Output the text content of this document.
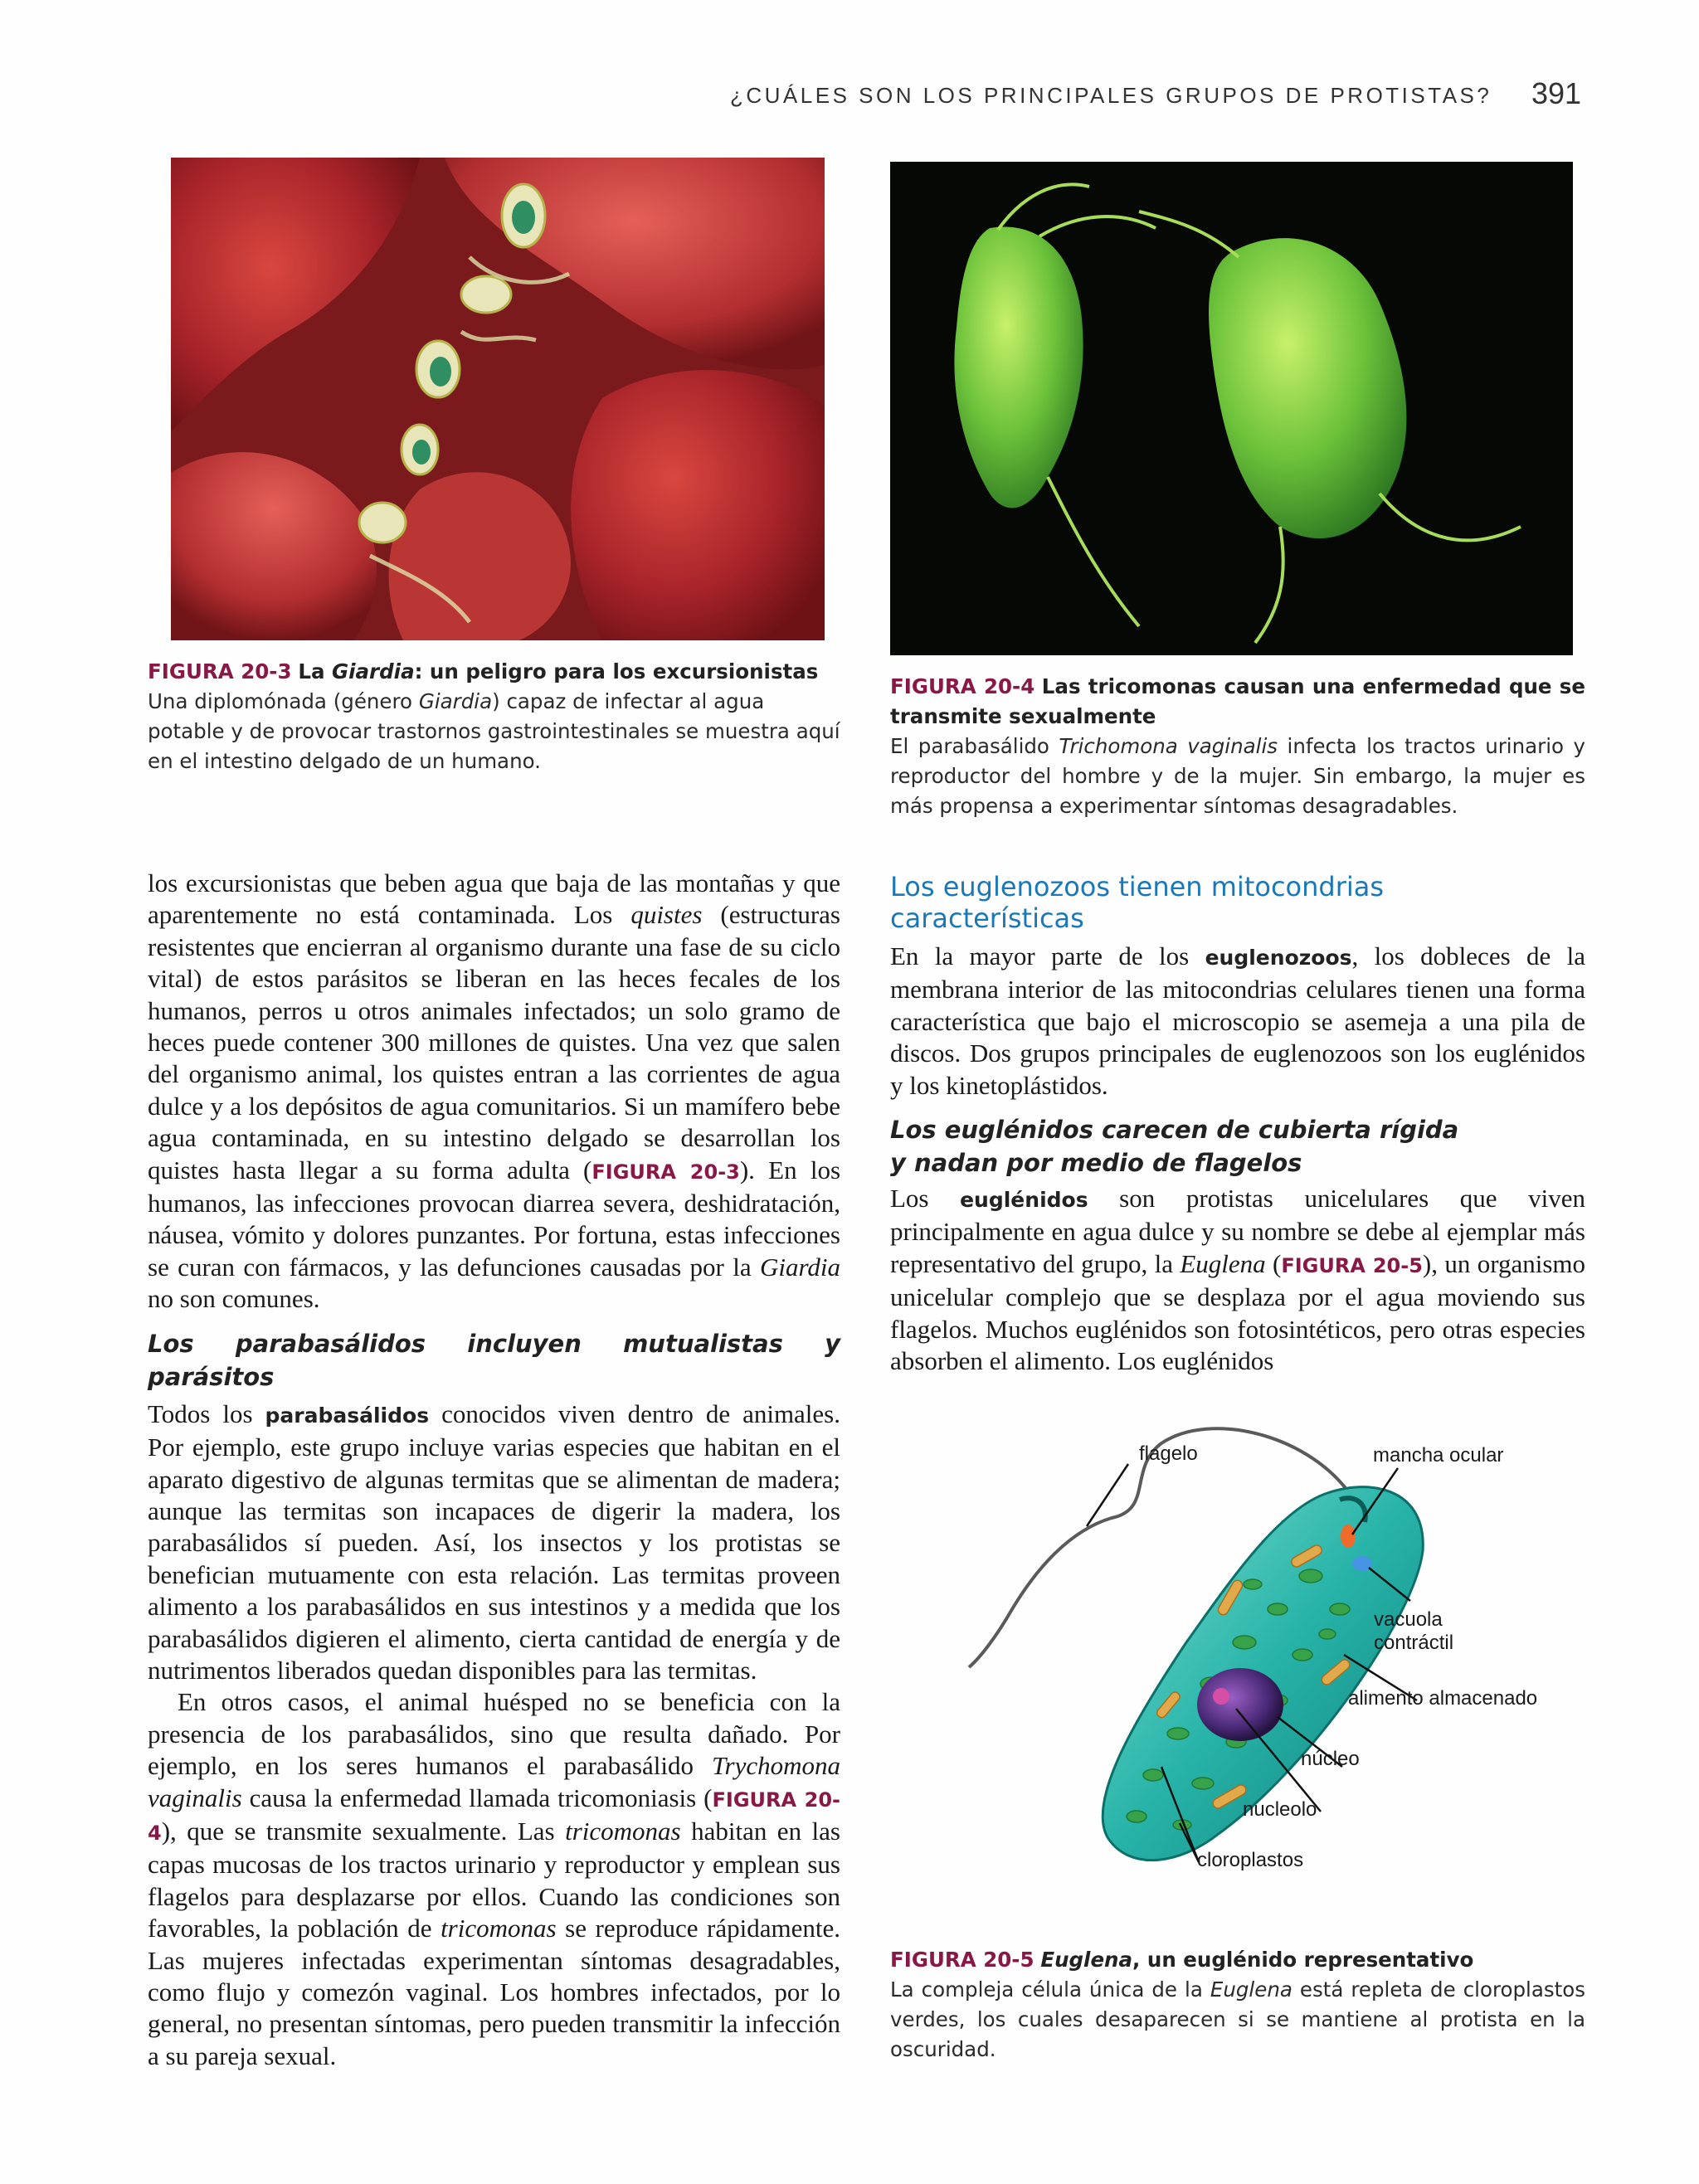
¿CUÁLES SON LOS PRINCIPALES GRUPOS DE PROTISTAS? 391
FIGURA 20-3 La Giardia: un peligro para los excursionistas
Una diplomónada (género Giardia) capaz de infectar al agua potable y de provocar trastornos gastrointestinales se muestra aquí en el intestino delgado de un humano.
FIGURA 20-4 Las tricomonas causan una enfermedad que se transmite sexualmente
El parabasálido Trichomona vaginalis infecta los tractos urinario y reproductor del hombre y de la mujer. Sin embargo, la mujer es más propensa a experimentar síntomas desagradables.

los excursionistas que beben agua que baja de las montañas y que aparentemente no está contaminada. Los quistes (estructuras resistentes que encierran al organismo durante una fase de su ciclo vital) de estos parásitos se liberan en las heces fecales de los humanos, perros u otros animales infectados; un solo gramo de heces puede contener 300 millones de quistes. Una vez que salen del organismo animal, los quistes entran a las corrientes de agua dulce y a los depósitos de agua comunitarios. Si un mamífero bebe agua contaminada, en su intestino delgado se desarrollan los quistes hasta llegar a su forma adulta (FIGURA 20-3). En los humanos, las infecciones provocan diarrea severa, deshidratación, náusea, vómito y dolores punzantes. Por fortuna, estas infecciones se curan con fármacos, y las defunciones causadas por la Giardia no son comunes.

Los parabasálidos incluyen mutualistas y parásitos

Todos los parabasálidos conocidos viven dentro de animales. Por ejemplo, este grupo incluye varias especies que habitan en el aparato digestivo de algunas termitas que se alimentan de madera; aunque las termitas son incapaces de digerir la madera, los parabasálidos sí pueden. Así, los insectos y los protistas se benefician mutuamente con esta relación. Las termitas proveen alimento a los parabasálidos en sus intestinos y a medida que los parabasálidos digieren el alimento, cierta cantidad de energía y de nutrimentos liberados quedan disponibles para las termitas.

En otros casos, el animal huésped no se beneficia con la presencia de los parabasálidos, sino que resulta dañado. Por ejemplo, en los seres humanos el parabasálido Trychomona vaginalis causa la enfermedad llamada tricomoniasis (FIGURA 20-4), que se transmite sexualmente. Las tricomonas habitan en las capas mucosas de los tractos urinario y reproductor y emplean sus flagelos para desplazarse por ellos. Cuando las condiciones son favorables, la población de tricomonas se reproduce rápidamente. Las mujeres infectadas experimentan síntomas desagradables, como flujo y comezón vaginal. Los hombres infectados, por lo general, no presentan síntomas, pero pueden transmitir la infección a su pareja sexual.

Los euglenozoos tienen mitocondrias características
En la mayor parte de los euglenozoos, los dobleces de la membrana interior de las mitocondrias celulares tienen una forma característica que bajo el microscopio se asemeja a una pila de discos. Dos grupos principales de euglenozoos son los euglénidos y los kinetoplástidos.
Los euglénidos carecen de cubierta rígida
y nadan por medio de flagelos
Los euglénidos son protistas unicelulares que viven principalmente en agua dulce y su nombre se debe al ejemplar más representativo del grupo, la Euglena (FIGURA 20-5), un organismo unicelular complejo que se desplaza por el agua moviendo sus flagelos. Muchos euglénidos son fotosintéticos, pero otras especies absorben el alimento. Los euglénidos
flagelo	mancha ocular
vacuola
contráctil
alimento almacenado
núcleo
nucleolo
cloroplastos
FIGURA 20-5 Euglena, un euglénido representativo
La compleja célula única de la Euglena está repleta de cloroplastos verdes, los cuales desaparecen si se mantiene al protista en la oscuridad.
